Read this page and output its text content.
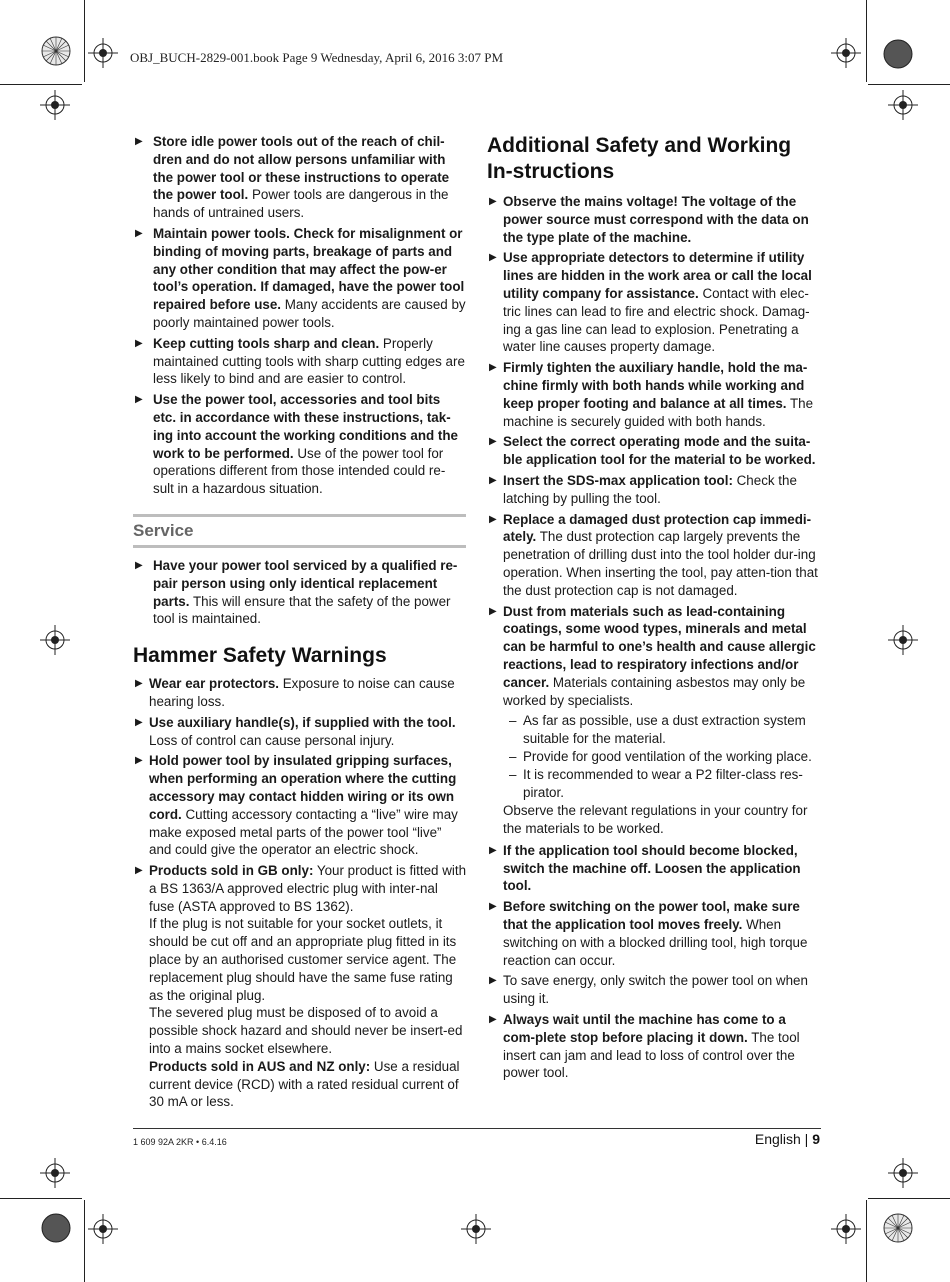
OBJ_BUCH-2829-001.book Page 9 Wednesday, April 6, 2016 3:07 PM
▶ Store idle power tools out of the reach of chil-dren and do not allow persons unfamiliar with the power tool or these instructions to operate the power tool. Power tools are dangerous in the hands of untrained users.
▶ Maintain power tools. Check for misalignment or binding of moving parts, breakage of parts and any other condition that may affect the pow-er tool’s operation. If damaged, have the power tool repaired before use. Many accidents are caused by poorly maintained power tools.
▶ Keep cutting tools sharp and clean. Properly maintained cutting tools with sharp cutting edges are less likely to bind and are easier to control.
▶ Use the power tool, accessories and tool bits etc. in accordance with these instructions, tak-ing into account the working conditions and the work to be performed. Use of the power tool for operations different from those intended could re-sult in a hazardous situation.
Service
▶ Have your power tool serviced by a qualified re-pair person using only identical replacement parts. This will ensure that the safety of the power tool is maintained.
Hammer Safety Warnings
▶ Wear ear protectors. Exposure to noise can cause hearing loss.
▶ Use auxiliary handle(s), if supplied with the tool. Loss of control can cause personal injury.
▶ Hold power tool by insulated gripping surfaces, when performing an operation where the cutting accessory may contact hidden wiring or its own cord. Cutting accessory contacting a “live” wire may make exposed metal parts of the power tool “live” and could give the operator an electric shock.
▶ Products sold in GB only: Your product is fitted with a BS 1363/A approved electric plug with inter-nal fuse (ASTA approved to BS 1362).
If the plug is not suitable for your socket outlets, it should be cut off and an appropriate plug fitted in its place by an authorised customer service agent. The replacement plug should have the same fuse rating as the original plug.
The severed plug must be disposed of to avoid a possible shock hazard and should never be insert-ed into a mains socket elsewhere.
Products sold in AUS and NZ only: Use a residual current device (RCD) with a rated residual current of 30 mA or less.
Additional Safety and Working In-structions
▶ Observe the mains voltage! The voltage of the power source must correspond with the data on the type plate of the machine.
▶ Use appropriate detectors to determine if utility lines are hidden in the work area or call the local utility company for assistance. Contact with elec-tric lines can lead to fire and electric shock. Damag-ing a gas line can lead to explosion. Penetrating a water line causes property damage.
▶ Firmly tighten the auxiliary handle, hold the ma-chine firmly with both hands while working and keep proper footing and balance at all times. The machine is securely guided with both hands.
▶ Select the correct operating mode and the suita-ble application tool for the material to be worked.
▶ Insert the SDS-max application tool: Check the latching by pulling the tool.
▶ Replace a damaged dust protection cap immedi-ately. The dust protection cap largely prevents the penetration of drilling dust into the tool holder dur-ing operation. When inserting the tool, pay atten-tion that the dust protection cap is not damaged.
▶ Dust from materials such as lead-containing coatings, some wood types, minerals and metal can be harmful to one’s health and cause allergic reactions, lead to respiratory infections and/or cancer. Materials containing asbestos may only be worked by specialists.
– As far as possible, use a dust extraction system suitable for the material.
– Provide for good ventilation of the working place.
– It is recommended to wear a P2 filter-class res-pirator.
Observe the relevant regulations in your country for the materials to be worked.
▶ If the application tool should become blocked, switch the machine off. Loosen the application tool.
▶ Before switching on the power tool, make sure that the application tool moves freely. When switching on with a blocked drilling tool, high torque reaction can occur.
▶ To save energy, only switch the power tool on when using it.
▶ Always wait until the machine has come to a com-plete stop before placing it down. The tool insert can jam and lead to loss of control over the power tool.
1 609 92A 2KR • 6.4.16	English | 9
